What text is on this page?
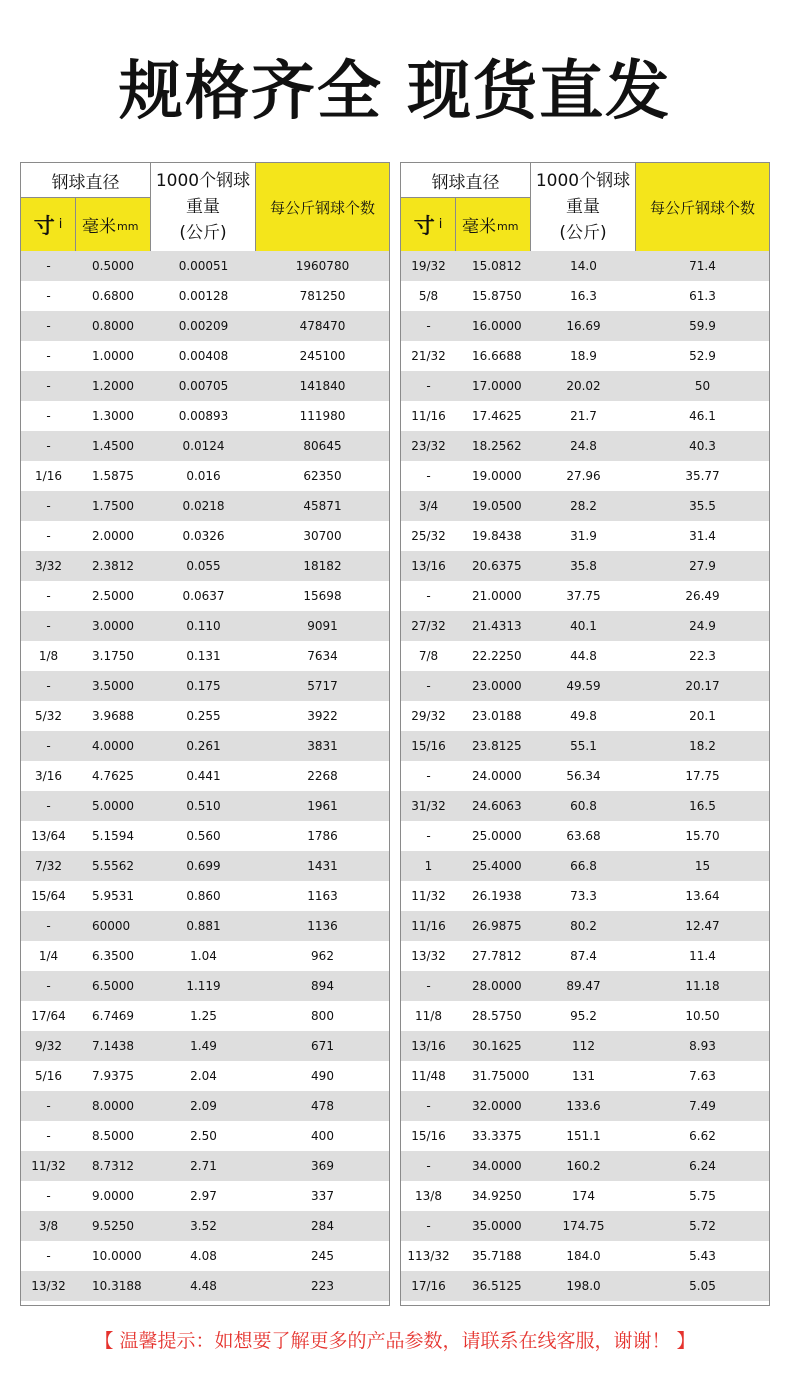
规格齐全 现货直发
钢球直径
寸 i 毫米 mm
1000个钢球
重量
(公斤)
每公斤钢球个数
-	0.5000	0.00051	1960780
-	0.6800	0.00128	781250
-	0.8000	0.00209	478470
-	1.0000	0.00408	245100
-	1.2000	0.00705	141840
-	1.3000	0.00893	111980
-	1.4500	0.0124	80645
1/16	1.5875	0.016	62350
-	1.7500	0.0218	45871
-	2.0000	0.0326	30700
3/32	2.3812	0.055	18182
-	2.5000	0.0637	15698
-	3.0000	0.110	9091
1/8	3.1750	0.131	7634
-	3.5000	0.175	5717
5/32	3.9688	0.255	3922
-	4.0000	0.261	3831
3/16	4.7625	0.441	2268
-	5.0000	0.510	1961
13/64	5.1594	0.560	1786
7/32	5.5562	0.699	1431
15/64	5.9531	0.860	1163
-	60000	0.881	1136
1/4	6.3500	1.04	962
-	6.5000	1.119	894
17/64	6.7469	1.25	800
9/32	7.1438	1.49	671
5/16	7.9375	2.04	490
-	8.0000	2.09	478
-	8.5000	2.50	400
11/32	8.7312	2.71	369
-	9.0000	2.97	337
3/8	9.5250	3.52	284
-	10.0000	4.08	245
13/32	10.3188	4.48	223
钢球直径
寸 i 毫米 mm
1000个钢球
重量
(公斤)
每公斤钢球个数
19/32	15.0812	14.0	71.4
5/8	15.8750	16.3	61.3
-	16.0000	16.69	59.9
21/32	16.6688	18.9	52.9
-	17.0000	20.02	50
11/16	17.4625	21.7	46.1
23/32	18.2562	24.8	40.3
-	19.0000	27.96	35.77
3/4	19.0500	28.2	35.5
25/32	19.8438	31.9	31.4
13/16	20.6375	35.8	27.9
-	21.0000	37.75	26.49
27/32	21.4313	40.1	24.9
7/8	22.2250	44.8	22.3
-	23.0000	49.59	20.17
29/32	23.0188	49.8	20.1
15/16	23.8125	55.1	18.2
-	24.0000	56.34	17.75
31/32	24.6063	60.8	16.5
-	25.0000	63.68	15.70
1	25.4000	66.8	15
11/32	26.1938	73.3	13.64
11/16	26.9875	80.2	12.47
13/32	27.7812	87.4	11.4
-	28.0000	89.47	11.18
11/8	28.5750	95.2	10.50
13/16	30.1625	112	8.93
11/48	31.75000	131	7.63
-	32.0000	133.6	7.49
15/16	33.3375	151.1	6.62
-	34.0000	160.2	6.24
13/8	34.9250	174	5.75
-	35.0000	174.75	5.72
113/32	35.7188	184.0	5.43
17/16	36.5125	198.0	5.05
【 温馨提示：如想要了解更多的产品参数，请联系在线客服，谢谢！ 】
